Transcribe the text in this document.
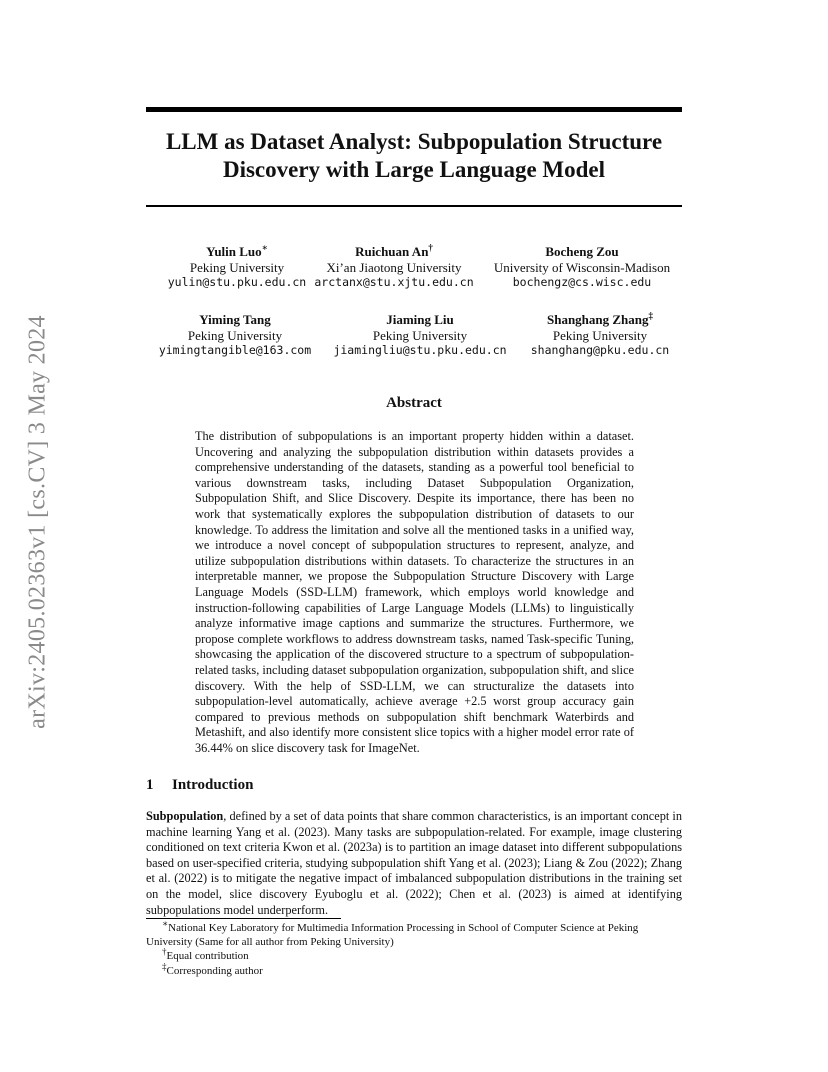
arXiv:2405.02363v1 [cs.CV] 3 May 2024
LLM as Dataset Analyst: Subpopulation Structure Discovery with Large Language Model
Yulin Luo∗
Peking University
yulin@stu.pku.edu.cn
Ruichuan An†
Xi’an Jiaotong University
arctanx@stu.xjtu.edu.cn
Bocheng Zou
University of Wisconsin-Madison
bochengz@cs.wisc.edu
Yiming Tang
Peking University
yimingtangible@163.com
Jiaming Liu
Peking University
jiamingliu@stu.pku.edu.cn
Shanghang Zhang‡
Peking University
shanghang@pku.edu.cn
Abstract

The distribution of subpopulations is an important property hidden within a dataset. Uncovering and analyzing the subpopulation distribution within datasets provides a comprehensive understanding of the datasets, standing as a powerful tool beneficial to various downstream tasks, including Dataset Subpopulation Organization, Subpopulation Shift, and Slice Discovery. Despite its importance, there has been no work that systematically explores the subpopulation distribution of datasets to our knowledge. To address the limitation and solve all the mentioned tasks in a unified way, we introduce a novel concept of subpopulation structures to represent, analyze, and utilize subpopulation distributions within datasets. To characterize the structures in an interpretable manner, we propose the Subpopulation Structure Discovery with Large Language Models (SSD-LLM) framework, which employs world knowledge and instruction-following capabilities of Large Language Models (LLMs) to linguistically analyze informative image captions and summarize the structures. Furthermore, we propose complete workflows to address downstream tasks, named Task-specific Tuning, showcasing the application of the discovered structure to a spectrum of subpopulation-related tasks, including dataset subpopulation organization, subpopulation shift, and slice discovery. With the help of SSD-LLM, we can structuralize the datasets into subpopulation-level automatically, achieve average +2.5 worst group accuracy gain compared to previous methods on subpopulation shift benchmark Waterbirds and Metashift, and also identify more consistent slice topics with a higher model error rate of 36.44% on slice discovery task for ImageNet.

1 Introduction

Subpopulation, defined by a set of data points that share common characteristics, is an important concept in machine learning Yang et al. (2023). Many tasks are subpopulation-related. For example, image clustering conditioned on text criteria Kwon et al. (2023a) is to partition an image dataset into different subpopulations based on user-specified criteria, studying subpopulation shift Yang et al. (2023); Liang & Zou (2022); Zhang et al. (2022) is to mitigate the negative impact of imbalanced subpopulation distributions in the training set on the model, slice discovery Eyuboglu et al. (2022); Chen et al. (2023) is aimed at identifying subpopulations model underperform.

∗National Key Laboratory for Multimedia Information Processing in School of Computer Science at Peking University (Same for all author from Peking University)

†Equal contribution

‡Corresponding author
